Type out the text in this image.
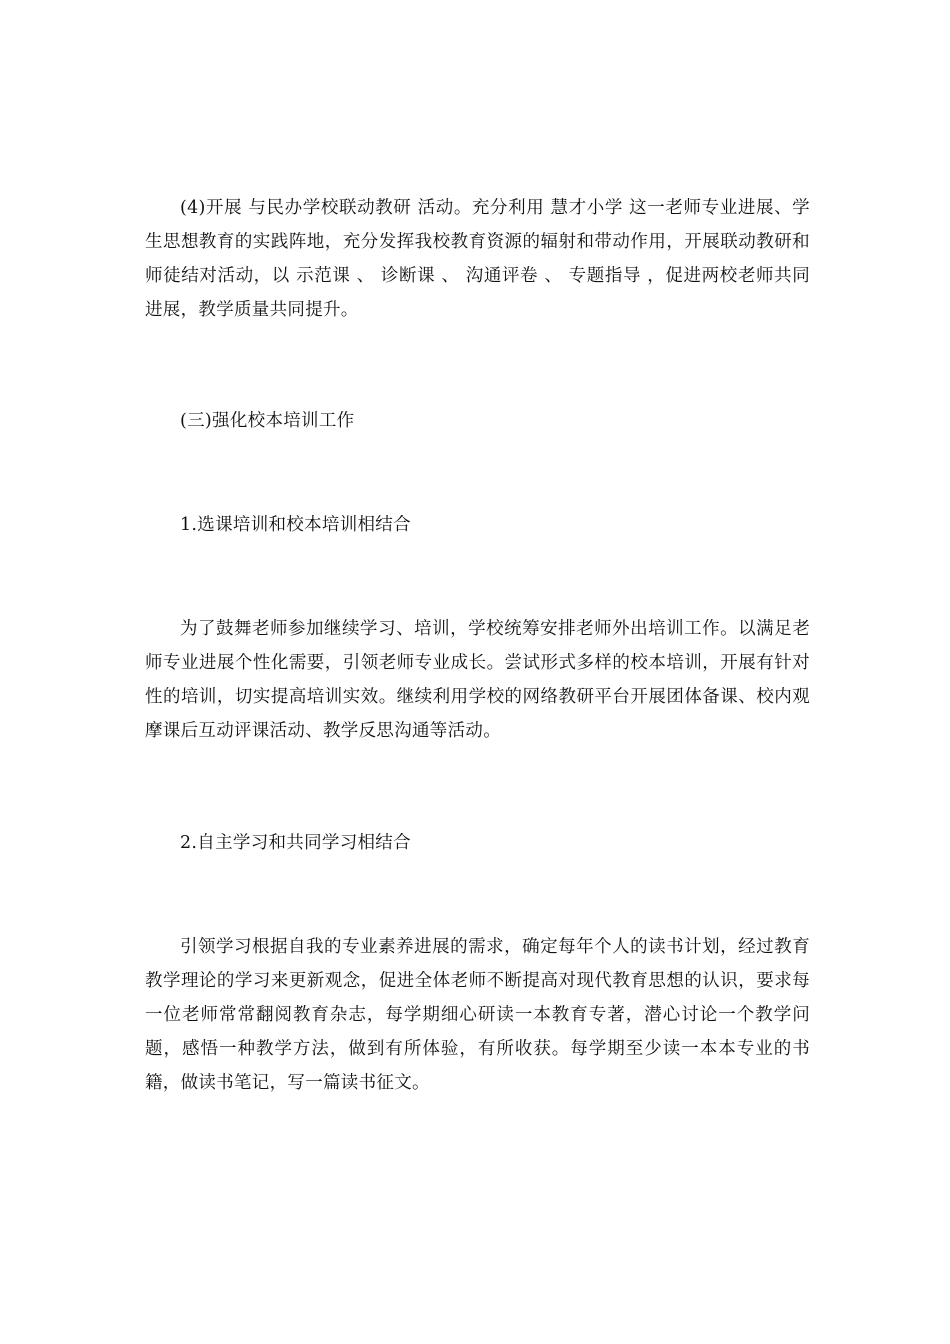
(4)开展 与民办学校联动教研 活动。充分利用 慧才小学 这一老师专业进展、学生思想教育的实践阵地，充分发挥我校教育资源的辐射和带动作用，开展联动教研和师徒结对活动，以 示范课 、 诊断课 、 沟通评卷 、 专题指导 ，促进两校老师共同进展，教学质量共同提升。

(三)强化校本培训工作

1.选课培训和校本培训相结合

为了鼓舞老师参加继续学习、培训，学校统筹安排老师外出培训工作。以满足老师专业进展个性化需要，引领老师专业成长。尝试形式多样的校本培训，开展有针对性的培训，切实提高培训实效。继续利用学校的网络教研平台开展团体备课、校内观摩课后互动评课活动、教学反思沟通等活动。

2.自主学习和共同学习相结合

引领学习根据自我的专业素养进展的需求，确定每年个人的读书计划，经过教育教学理论的学习来更新观念，促进全体老师不断提高对现代教育思想的认识，要求每一位老师常常翻阅教育杂志，每学期细心研读一本教育专著，潜心讨论一个教学问题，感悟一种教学方法，做到有所体验，有所收获。每学期至少读一本本专业的书籍，做读书笔记，写一篇读书征文。
